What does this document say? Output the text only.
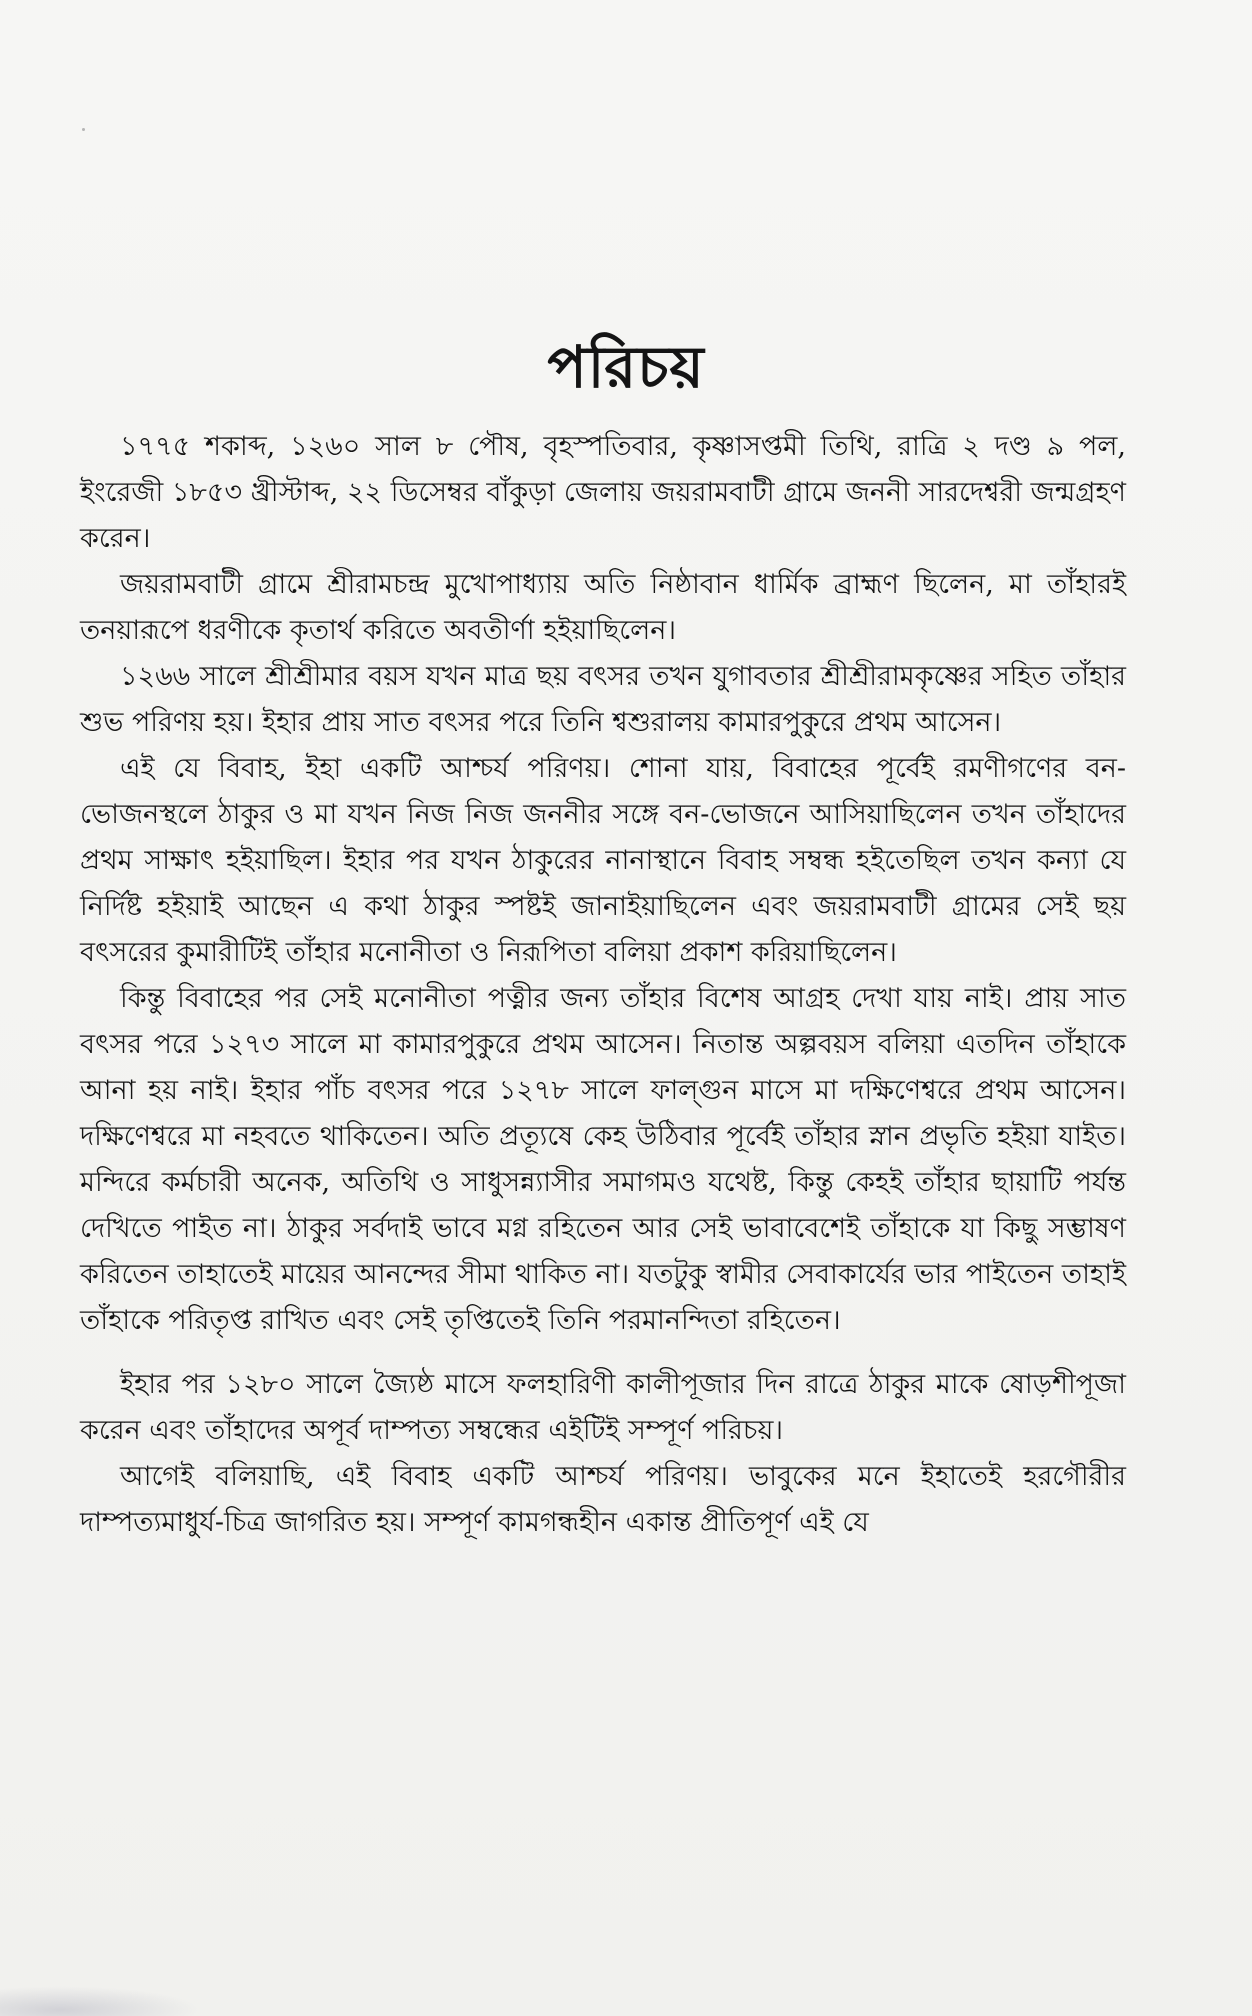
পরিচয়

১৭৭৫ শকাব্দ, ১২৬০ সাল ৮ পৌষ, বৃহস্পতিবার, কৃষ্ণাসপ্তমী তিথি, রাত্রি ২ দণ্ড ৯ পল, ইংরেজী ১৮৫৩ খ্রীস্টাব্দ, ২২ ডিসেম্বর বাঁকুড়া জেলায় জয়রামবাটী গ্রামে জননী সারদেশ্বরী জন্মগ্রহণ করেন।

জয়রামবাটী গ্রামে শ্রীরামচন্দ্র মুখোপাধ্যায় অতি নিষ্ঠাবান ধার্মিক ব্রাহ্মণ ছিলেন, মা তাঁহারই তনয়ারূপে ধরণীকে কৃতার্থ করিতে অবতীর্ণা হইয়াছিলেন।

১২৬৬ সালে শ্রীশ্রীমার বয়স যখন মাত্র ছয় বৎসর তখন যুগাবতার শ্রীশ্রীরামকৃষ্ণের সহিত তাঁহার শুভ পরিণয় হয়। ইহার প্রায় সাত বৎসর পরে তিনি শ্বশুরালয় কামারপুকুরে প্রথম আসেন।

এই যে বিবাহ, ইহা একটি আশ্চর্য পরিণয়। শোনা যায়, বিবাহের পূর্বেই রমণীগণের বন-ভোজনস্থলে ঠাকুর ও মা যখন নিজ নিজ জননীর সঙ্গে বন-ভোজনে আসিয়াছিলেন তখন তাঁহাদের প্রথম সাক্ষাৎ হইয়াছিল। ইহার পর যখন ঠাকুরের নানাস্থানে বিবাহ সম্বন্ধ হইতেছিল তখন কন্যা যে নির্দিষ্ট হইয়াই আছেন এ কথা ঠাকুর স্পষ্টই জানাইয়াছিলেন এবং জয়রামবাটী গ্রামের সেই ছয় বৎসরের কুমারীটিই তাঁহার মনোনীতা ও নিরূপিতা বলিয়া প্রকাশ করিয়াছিলেন।

কিন্তু বিবাহের পর সেই মনোনীতা পত্নীর জন্য তাঁহার বিশেষ আগ্রহ দেখা যায় নাই। প্রায় সাত বৎসর পরে ১২৭৩ সালে মা কামারপুকুরে প্রথম আসেন। নিতান্ত অল্পবয়স বলিয়া এতদিন তাঁহাকে আনা হয় নাই। ইহার পাঁচ বৎসর পরে ১২৭৮ সালে ফাল্গুন মাসে মা দক্ষিণেশ্বরে প্রথম আসেন। দক্ষিণেশ্বরে মা নহবতে থাকিতেন। অতি প্রত্যূষে কেহ উঠিবার পূর্বেই তাঁহার স্নান প্রভৃতি হইয়া যাইত। মন্দিরে কর্মচারী অনেক, অতিথি ও সাধুসন্ন্যাসীর সমাগমও যথেষ্ট, কিন্তু কেহই তাঁহার ছায়াটি পর্যন্ত দেখিতে পাইত না। ঠাকুর সর্বদাই ভাবে মগ্ন রহিতেন আর সেই ভাবাবেশেই তাঁহাকে যা কিছু সম্ভাষণ করিতেন তাহাতেই মায়ের আনন্দের সীমা থাকিত না। যতটুকু স্বামীর সেবাকার্যের ভার পাইতেন তাহাই তাঁহাকে পরিতৃপ্ত রাখিত এবং সেই তৃপ্তিতেই তিনি পরমানন্দিতা রহিতেন।

ইহার পর ১২৮০ সালে জ্যৈষ্ঠ মাসে ফলহারিণী কালীপূজার দিন রাত্রে ঠাকুর মাকে ষোড়শীপূজা করেন এবং তাঁহাদের অপূর্ব দাম্পত্য সম্বন্ধের এইটিই সম্পূর্ণ পরিচয়।

আগেই বলিয়াছি, এই বিবাহ একটি আশ্চর্য পরিণয়। ভাবুকের মনে ইহাতেই হরগৌরীর দাম্পত্যমাধুর্য-চিত্র জাগরিত হয়। সম্পূর্ণ কামগন্ধহীন একান্ত প্রীতিপূর্ণ এই যে
